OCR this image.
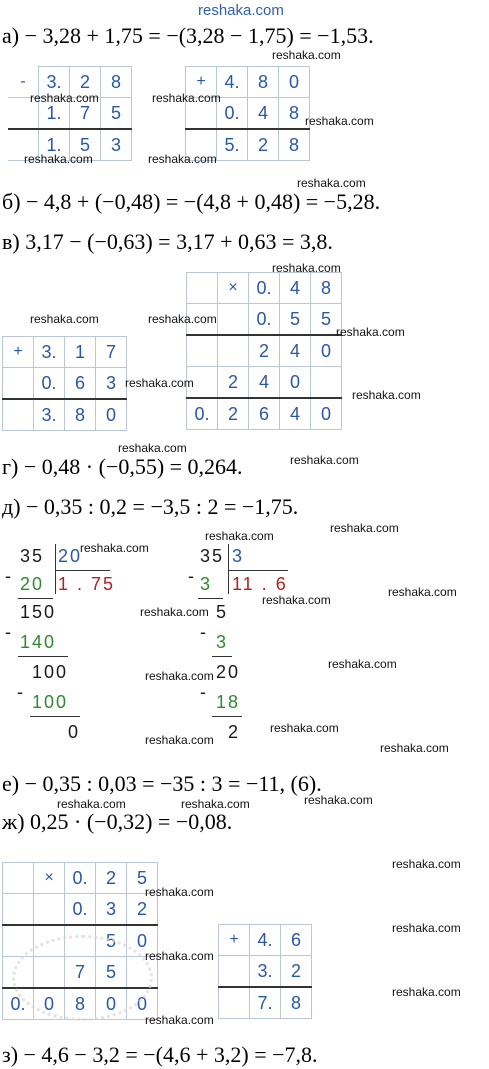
reshaka.com
а) − 3,28 + 1,75 = −(3,28 − 1,75) = −1,53.
-	3.	2	8
	1.	7	5
	1.	5	3
+	4.	8	0
	0.	4	8
	5.	2	8
б) − 4,8 + (−0,48) = −(4,8 + 0,48) = −5,28.
в) 3,17 − (−0,63) = 3,17 + 0,63 = 3,8.
+	3.	1	7
	0.	6	3
	3.	8	0
	×	0.	4	8
		0.	5	5
		2	4	0
	2	4	0	
0.	2	6	4	0
г) − 0,48 · (−0,55) = 0,264.
д) − 0,35 : 0,2 = −3,5 : 2 = −1,75.
35 20
1 . 75
- 20
150
- 140
100
- 100
0
35 3
11 . 6
- 3
5
- 3
20
- 18
2
е) − 0,35 : 0,03 = −35 : 3 = −11, (6).
ж) 0,25 · (−0,32) = −0,08.
	×	0.	2	5
		0.	3	2
			5	0
		7	5	
0.	0	8	0	0
+	4.	6
	3.	2
	7.	8
з) − 4,6 − 3,2 = −(4,6 + 3,2) = −7,8.
reshaka.com
reshaka.com	reshaka.com
reshaka.com
reshaka.com	reshaka.com
reshaka.com
reshaka.com
reshaka.com	reshaka.com
reshaka.com
reshaka.com
reshaka.com
reshaka.com
reshaka.com
reshaka.com
reshaka.com
reshaka.com
reshaka.com
reshaka.com
reshaka.com
reshaka.com
reshaka.com
reshaka.com
reshaka.com
reshaka.com
reshaka.com	reshaka.com	reshaka.com
reshaka.com
reshaka.com
reshaka.com
reshaka.com
reshaka.com
reshaka.com
